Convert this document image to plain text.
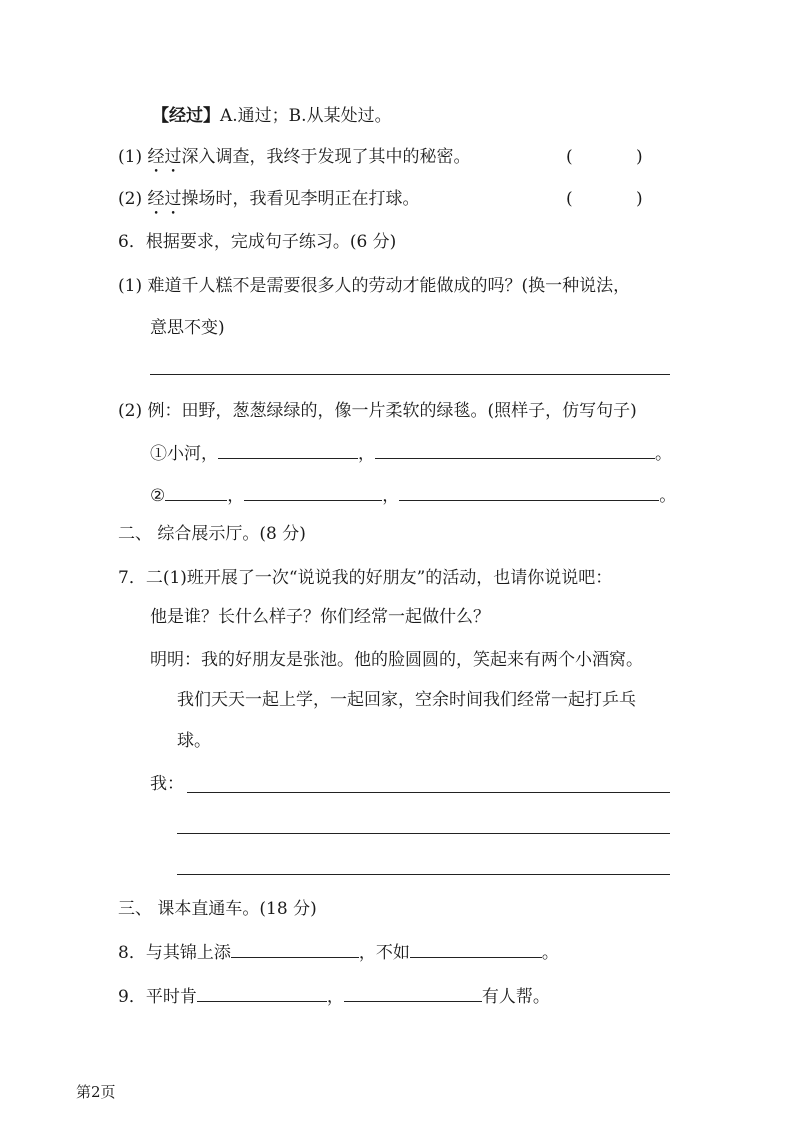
【经过】A.通过；B.从某处过。
(1) 经过深入调查，我终于发现了其中的秘密。	(	)
(2) 经过操场时，我看见李明正在打球。	(	)
6．根据要求，完成句子练习。(6 分)
(1) 难道千人糕不是需要很多人的劳动才能做成的吗？(换一种说法，
意思不变)
(2) 例：田野，葱葱绿绿的，像一片柔软的绿毯。(照样子，仿写句子)
①小河，	，	。
②	，	，	。
二、 综合展示厅。(8 分)
7．二(1)班开展了一次“说说我的好朋友”的活动，也请你说说吧：
他是谁？长什么样子？你们经常一起做什么？
明明：我的好朋友是张池。他的脸圆圆的，笑起来有两个小酒窝。
我们天天一起上学，一起回家，空余时间我们经常一起打乒乓
球。
我：
三、 课本直通车。(18 分)
8．与其锦上添	，不如	。
9．平时肯	，	有人帮。
第2页
